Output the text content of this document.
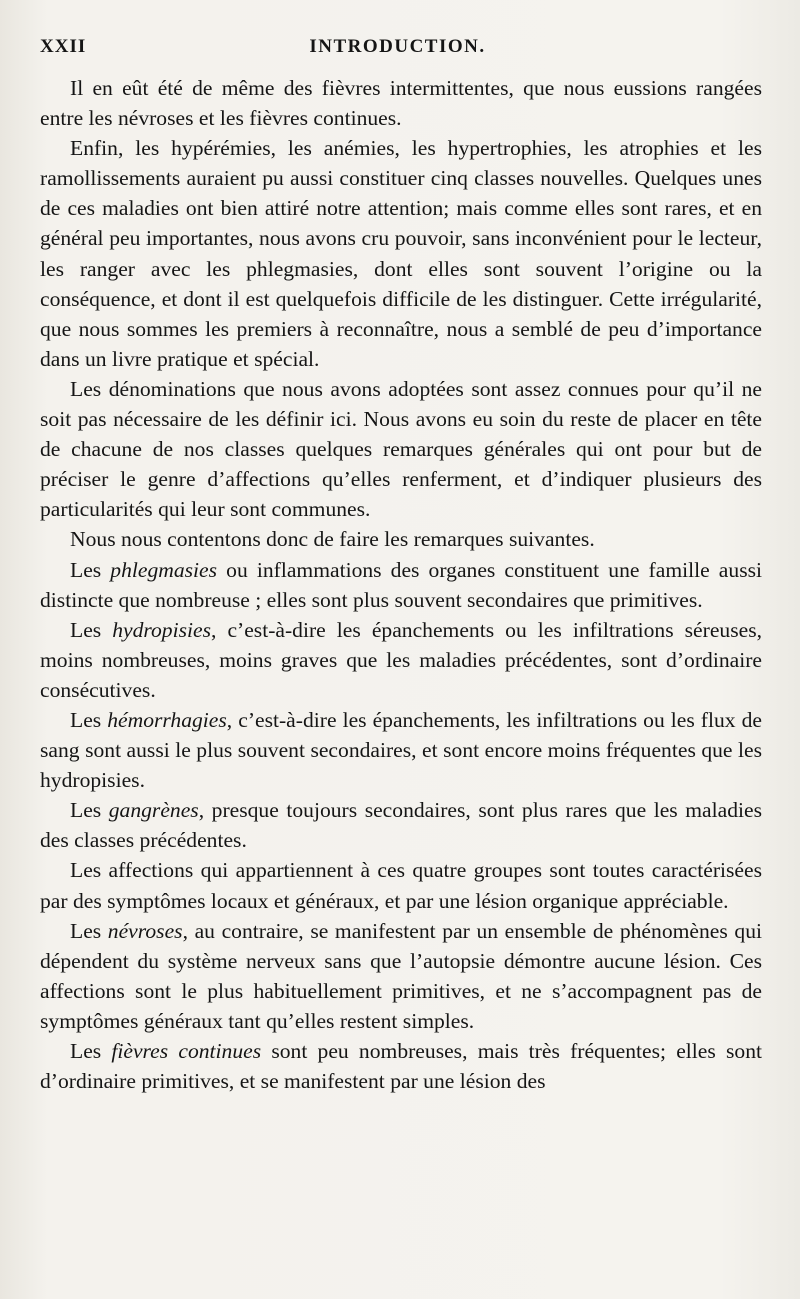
XXII	INTRODUCTION.

Il en eût été de même des fièvres intermittentes, que nous eussions rangées entre les névroses et les fièvres continues.

Enfin, les hypérémies, les anémies, les hypertrophies, les atrophies et les ramollissements auraient pu aussi constituer cinq classes nouvelles. Quelques unes de ces maladies ont bien attiré notre attention; mais comme elles sont rares, et en général peu importantes, nous avons cru pouvoir, sans inconvénient pour le lecteur, les ranger avec les phlegmasies, dont elles sont souvent l’origine ou la conséquence, et dont il est quelquefois difficile de les distinguer. Cette irrégularité, que nous sommes les premiers à reconnaître, nous a semblé de peu d’importance dans un livre pratique et spécial.

Les dénominations que nous avons adoptées sont assez connues pour qu’il ne soit pas nécessaire de les définir ici. Nous avons eu soin du reste de placer en tête de chacune de nos classes quelques remarques générales qui ont pour but de préciser le genre d’affections qu’elles renferment, et d’indiquer plusieurs des particularités qui leur sont communes.

Nous nous contentons donc de faire les remarques suivantes.

Les phlegmasies ou inflammations des organes constituent une famille aussi distincte que nombreuse ; elles sont plus souvent secondaires que primitives.

Les hydropisies, c’est-à-dire les épanchements ou les infiltrations séreuses, moins nombreuses, moins graves que les maladies précédentes, sont d’ordinaire consécutives.

Les hémorrhagies, c’est-à-dire les épanchements, les infiltrations ou les flux de sang sont aussi le plus souvent secondaires, et sont encore moins fréquentes que les hydropisies.

Les gangrènes, presque toujours secondaires, sont plus rares que les maladies des classes précédentes.

Les affections qui appartiennent à ces quatre groupes sont toutes caractérisées par des symptômes locaux et généraux, et par une lésion organique appréciable.

Les névroses, au contraire, se manifestent par un ensemble de phénomènes qui dépendent du système nerveux sans que l’autopsie démontre aucune lésion. Ces affections sont le plus habituellement primitives, et ne s’accompagnent pas de symptômes généraux tant qu’elles restent simples.

Les fièvres continues sont peu nombreuses, mais très fréquentes; elles sont d’ordinaire primitives, et se manifestent par une lésion des
